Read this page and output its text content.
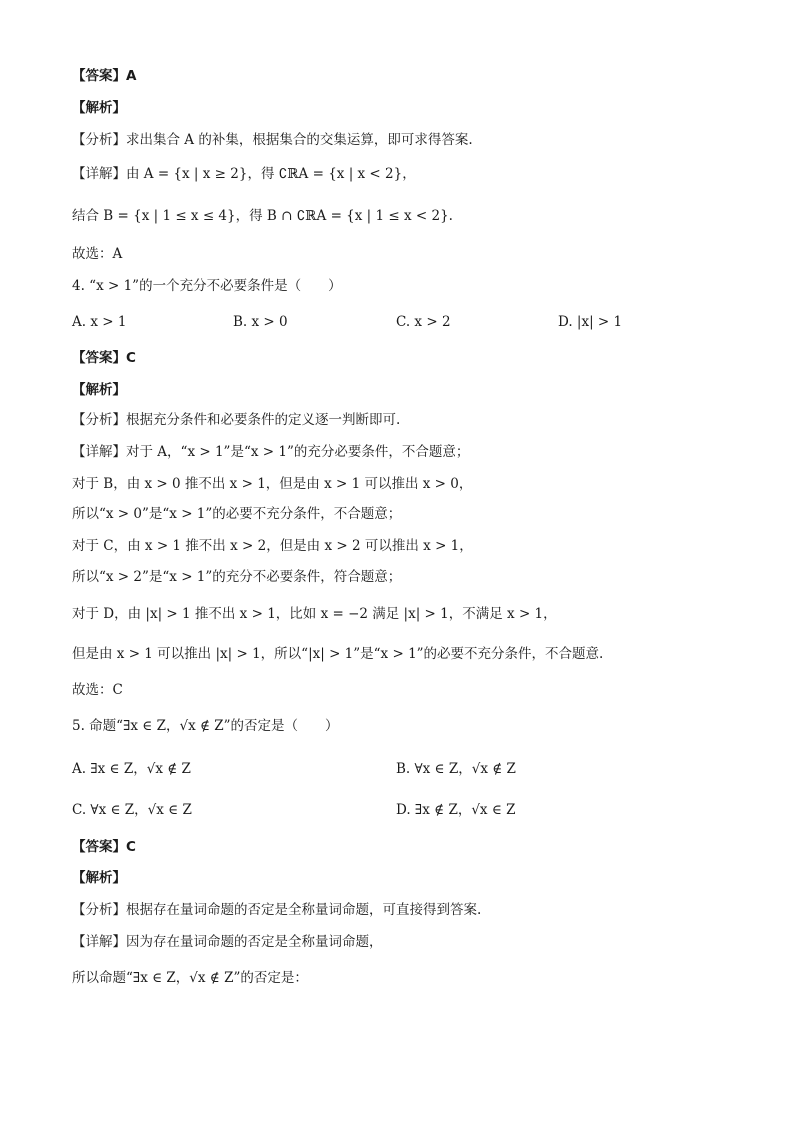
【答案】A
【解析】
【分析】求出集合 A 的补集，根据集合的交集运算，即可求得答案.
【详解】由 A = {x | x ≥ 2}，得 ∁ℝA = {x | x < 2}，
结合 B = {x | 1 ≤ x ≤ 4}，得 B ∩ ∁ℝA = {x | 1 ≤ x < 2}.
故选：A
4. “x > 1”的一个充分不必要条件是（　　）
A. x > 1	B. x > 0	C. x > 2	D. |x| > 1
【答案】C
【解析】
【分析】根据充分条件和必要条件的定义逐一判断即可.
【详解】对于 A，“x > 1”是“x > 1”的充分必要条件，不合题意；
对于 B，由 x > 0 推不出 x > 1，但是由 x > 1 可以推出 x > 0，
所以“x > 0”是“x > 1”的必要不充分条件，不合题意；
对于 C，由 x > 1 推不出 x > 2，但是由 x > 2 可以推出 x > 1，
所以“x > 2”是“x > 1”的充分不必要条件，符合题意；
对于 D，由 |x| > 1 推不出 x > 1，比如 x = −2 满足 |x| > 1，不满足 x > 1，
但是由 x > 1 可以推出 |x| > 1，所以“|x| > 1”是“x > 1”的必要不充分条件，不合题意.
故选：C
5. 命题“∃x ∈ Z，√x ∉ Z”的否定是（　　）
A. ∃x ∈ Z，√x ∉ Z	B. ∀x ∈ Z，√x ∉ Z
C. ∀x ∈ Z，√x ∈ Z	D. ∃x ∉ Z，√x ∈ Z
【答案】C
【解析】
【分析】根据存在量词命题的否定是全称量词命题，可直接得到答案.
【详解】因为存在量词命题的否定是全称量词命题，
所以命题“∃x ∈ Z，√x ∉ Z”的否定是：
